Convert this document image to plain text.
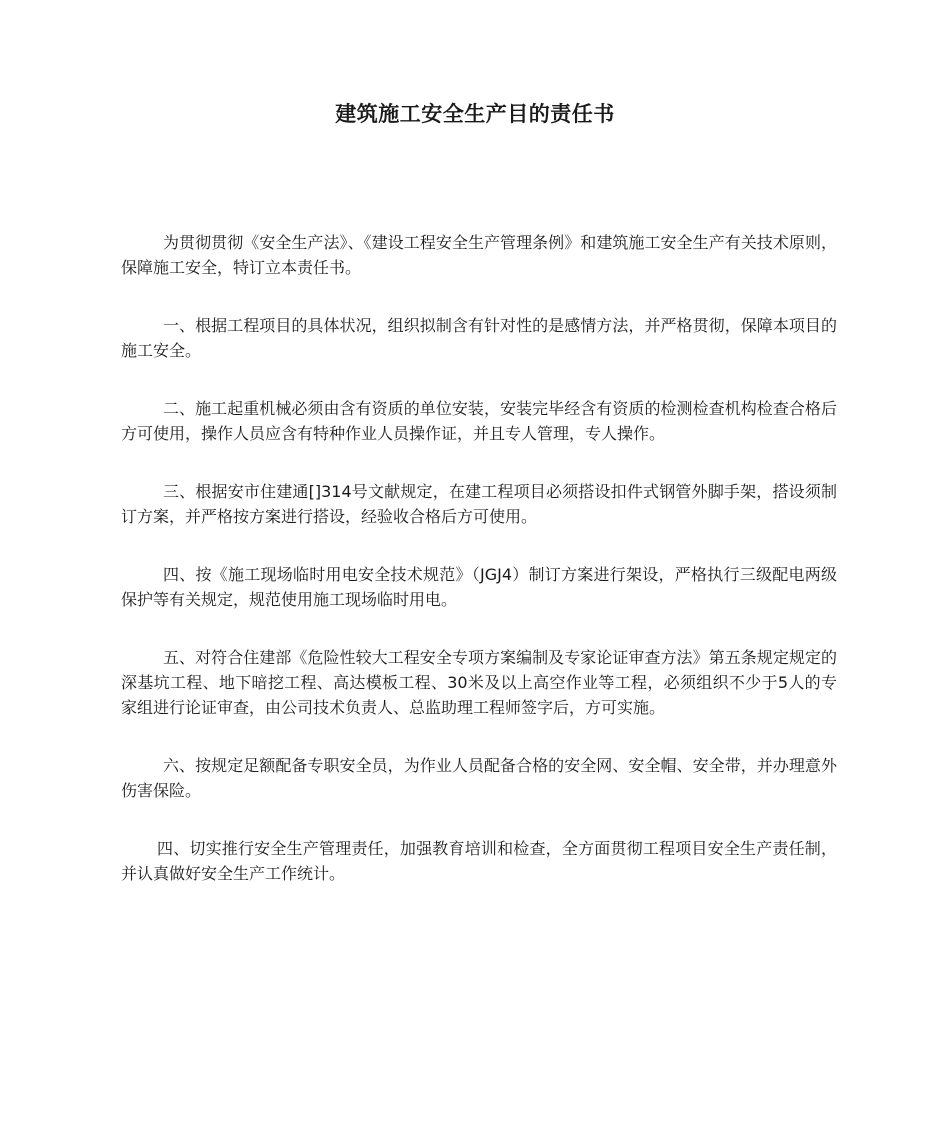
建筑施工安全生产目的责任书

为贯彻贯彻《安全生产法》、《建设工程安全生产管理条例》和建筑施工安全生产有关技术原则，保障施工安全，特订立本责任书。

一、根据工程项目的具体状况，组织拟制含有针对性的是感情方法，并严格贯彻，保障本项目的施工安全。

二、施工起重机械必须由含有资质的单位安装，安装完毕经含有资质的检测检查机构检查合格后方可使用，操作人员应含有特种作业人员操作证，并且专人管理，专人操作。

三、根据安市住建通[]314号文献规定，在建工程项目必须搭设扣件式钢管外脚手架，搭设须制订方案，并严格按方案进行搭设，经验收合格后方可使用。

四、按《施工现场临时用电安全技术规范》（JGJ4）制订方案进行架设，严格执行三级配电两级保护等有关规定，规范使用施工现场临时用电。

五、对符合住建部《危险性较大工程安全专项方案编制及专家论证审查方法》第五条规定规定的深基坑工程、地下暗挖工程、高达模板工程、30米及以上高空作业等工程，必须组织不少于5人的专家组进行论证审查，由公司技术负责人、总监助理工程师签字后，方可实施。

六、按规定足额配备专职安全员，为作业人员配备合格的安全网、安全帽、安全带，并办理意外伤害保险。

四、切实推行安全生产管理责任，加强教育培训和检查，全方面贯彻工程项目安全生产责任制，并认真做好安全生产工作统计。
